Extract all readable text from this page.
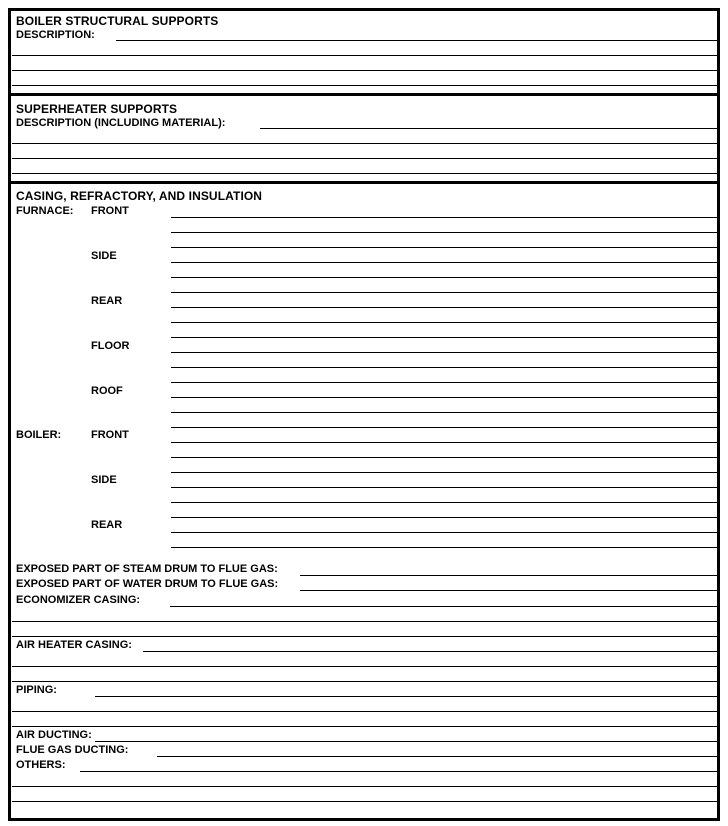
BOILER STRUCTURAL SUPPORTS
DESCRIPTION:
SUPERHEATER SUPPORTS
DESCRIPTION (INCLUDING MATERIAL):
CASING, REFRACTORY, AND INSULATION
FURNACE: FRONT
SIDE
REAR
FLOOR
ROOF
BOILER:	FRONT
SIDE
REAR
EXPOSED PART OF STEAM DRUM TO FLUE GAS:
EXPOSED PART OF WATER DRUM TO FLUE GAS:
ECONOMIZER CASING:
AIR HEATER CASING:
PIPING:
AIR DUCTING:
FLUE GAS DUCTING:
OTHERS:
